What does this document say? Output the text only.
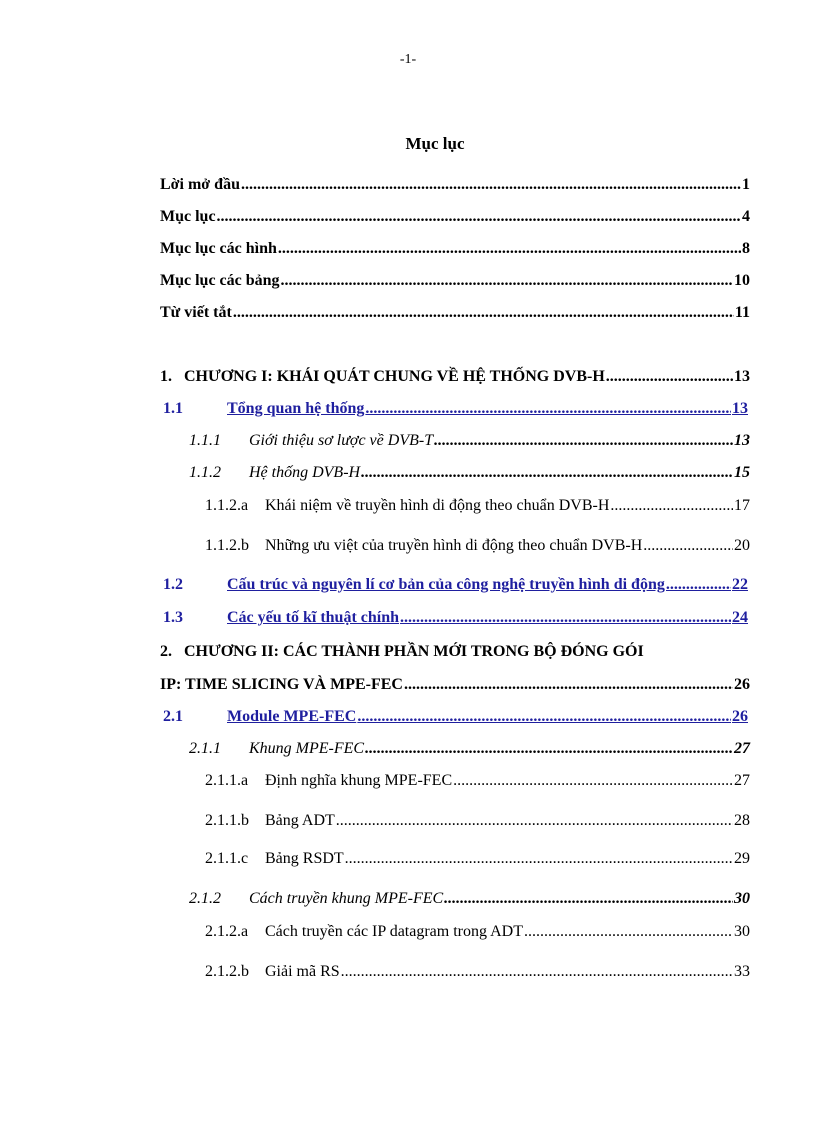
-1-
Mục lục
Lời mở đầu .....	1
Mục lục .....	4
Mục lục các hình .....	8
Mục lục các bảng .....	10
Từ viết tắt .....	11
1. CHƯƠNG I: KHÁI QUÁT CHUNG VỀ HỆ THỐNG DVB-H .....	13
1.1	Tổng quan hệ thống .....	13
1.1.1 Giới thiệu sơ lược về DVB-T .....	13
1.1.2 Hệ thống DVB-H .....	15
1.1.2.a Khái niệm về truyền hình di động theo chuẩn DVB-H .....	17
1.1.2.b Những ưu việt của truyền hình di động theo chuẩn DVB-H .....	20
1.2	Cấu trúc và nguyên lí cơ bản của công nghệ truyền hình di động .....	22
1.3	Các yếu tố kĩ thuật chính .....	24
2. CHƯƠNG II: CÁC THÀNH PHẦN MỚI TRONG BỘ ĐÓNG GÓI
IP: TIME SLICING VÀ MPE-FEC .....	26
2.1	Module MPE-FEC .....	26
2.1.1 Khung MPE-FEC .....	27
2.1.1.a Định nghĩa khung MPE-FEC .....	27
2.1.1.b Bảng ADT .....	28
2.1.1.c Bảng RSDT .....	29
2.1.2 Cách truyền khung MPE-FEC .....	30
2.1.2.a Cách truyền các IP datagram trong ADT .....	30
2.1.2.b Giải mã RS .....	33
